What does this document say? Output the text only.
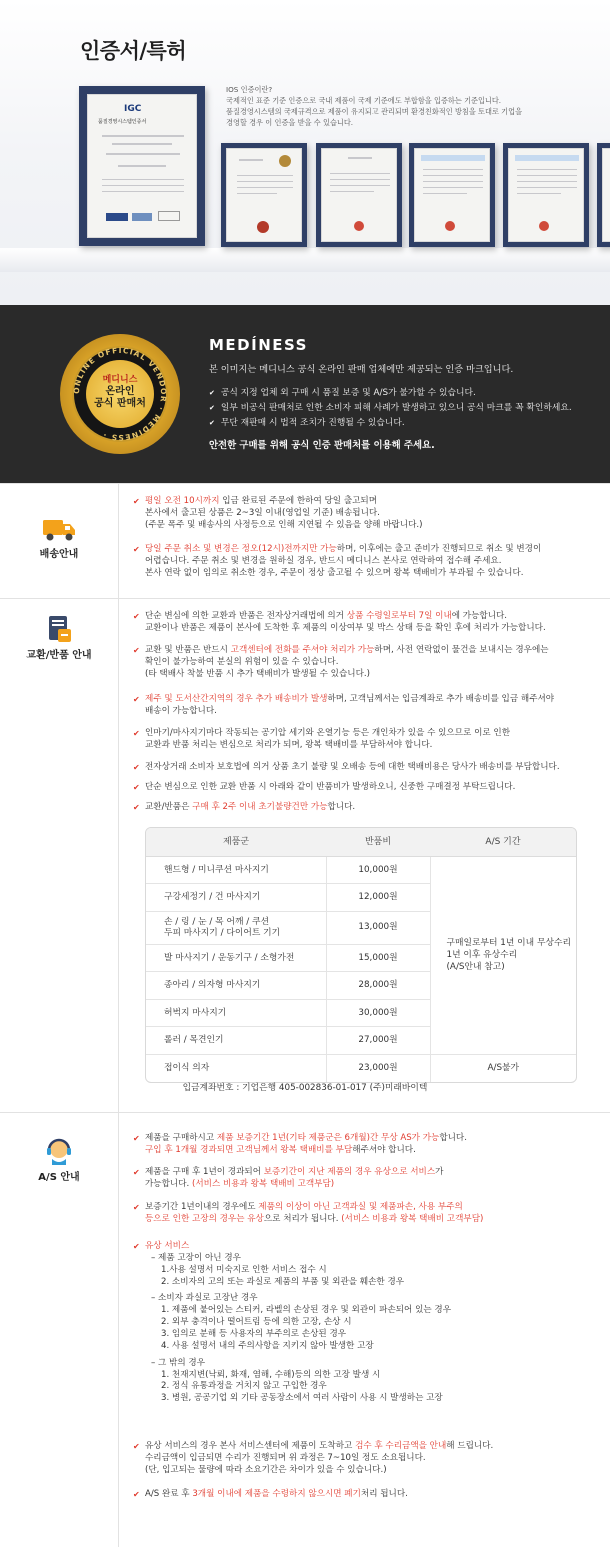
인증서/특허
IOS 인증이란?
국제적인 표준 기준 인증으로 국내 제품이 국제 기준에도 부합함을 입증하는 기준입니다.
품질경영시스템의 국제규격으로 제품이 유지되고 관리되며 환경친화적인 방침을 토대로 기업을
경영할 경우 이 인증을 받을 수 있습니다.
IGC
품질경영시스템인증서
ONLINE OFFICIAL VENDOR · MEDINESS ·
메디니스
온라인
공식 판매처
MEDÍNESS
본 이미지는 메디니스 공식 온라인 판매 업체에만 제공되는 인증 마크입니다.
✔ 공식 지정 업체 외 구매 시 품질 보증 및 A/S가 불가할 수 있습니다.
✔ 일부 비공식 판매처로 인한 소비자 피해 사례가 발생하고 있으니 공식 마크를 꼭 확인하세요.
✔ 무단 재판매 시 법적 조치가 진행될 수 있습니다.
안전한 구매를 위해 공식 인증 판매처를 이용해 주세요.
배송안내
✔ 평일 오전 10시까지 입금 완료된 주문에 한하여 당일 출고되며
본사에서 출고된 상품은 2~3일 이내(영업일 기준) 배송됩니다.
(주문 폭주 및 배송사의 사정등으로 인해 지연될 수 있음을 양해 바랍니다.)
✔ 당일 주문 취소 및 변경은 정오(12시)전까지만 가능하며, 이후에는 출고 준비가 진행되므로 취소 및 변경이
어렵습니다. 주문 취소 및 변경을 원하실 경우, 반드시 메디니스 본사로 연락하여 접수해 주세요.
본사 연락 없이 임의로 취소한 경우, 주문이 정상 출고될 수 있으며 왕복 택배비가 부과될 수 있습니다.
교환/반품 안내
✔ 단순 변심에 의한 교환과 반품은 전자상거래법에 의거 상품 수령일로부터 7일 이내에 가능합니다.
교환이나 반품은 제품이 본사에 도착한 후 제품의 이상여부 및 박스 상태 등을 확인 후에 처리가 가능합니다.
✔ 교환 및 반품은 반드시 고객센터에 전화를 주셔야 처리가 가능하며, 사전 연락없이 물건을 보내시는 경우에는
확인이 불가능하여 분실의 위험이 있을 수 있습니다.
(타 택배사 착불 반품 시 추가 택배비가 발생될 수 있습니다.)
✔ 제주 및 도서산간지역의 경우 추가 배송비가 발생하며, 고객님께서는 입금계좌로 추가 배송비를 입금 해주셔야
배송이 가능합니다.
✔ 인마기/마사지기마다 작동되는 공기압 세기와 온열기능 등은 개인차가 있을 수 있으므로 이로 인한
교환과 반품 처리는 변심으로 처리가 되며, 왕복 택배비를 부담하셔야 합니다.
✔ 전자상거래 소비자 보호법에 의거 상품 초기 불량 및 오배송 등에 대한 택배비용은 당사가 배송비를 부담합니다.
✔ 단순 변심으로 인한 교환 반품 시 아래와 같이 반품비가 발생하오니, 신중한 구매결정 부탁드립니다.
✔ 교환/반품은 구매 후 2주 이내 초기불량건만 가능합니다.
제품군	반품비	A/S 기간
핸드형 / 미니쿠션 마사지기	10,000원	구매일로부터 1년 이내 무상수리
1년 이후 유상수리
(A/S안내 참고)

구강세정기 / 건 마사지기	12,000원	
손 / 링 / 눈 / 목 어깨 / 쿠션
두피 마사지기 / 다이어트 기기	13,000원	
발 마사지기 / 운동기구 / 소형가전	15,000원	
종아리 / 의자형 마사지기	28,000원	
허벅지 마사지기	30,000원	
롤러 / 목견인기	27,000원	
접이식 의자	23,000원	A/S불가
입금계좌번호 : 기업은행 405-002836-01-017 (주)미래바이텍
A/S 안내
✔ 제품을 구매하시고 제품 보증기간 1년(기타 제품군은 6개월)간 무상 AS가 가능합니다.
구입 후 1개월 경과되면 고객님께서 왕복 택배비를 부담해주셔야 합니다.
✔ 제품을 구매 후 1년이 경과되어 보증기간이 지난 제품의 경우 유상으로 서비스가
가능합니다. (서비스 비용과 왕복 택배비 고객부담)
✔ 보증기간 1년이내의 경우에도 제품의 이상이 아닌 고객과실 및 제품파손, 사용 부주의
등으로 인한 고장의 경우는 유상으로 처리가 됩니다. (서비스 비용과 왕복 택배비 고객부담)
✔ 유상 서비스
– 제품 고장이 아닌 경우
1.사용 설명서 미숙지로 인한 서비스 접수 시
2. 소비자의 고의 또는 과실로 제품의 부품 및 외관을 훼손한 경우
– 소비자 과실로 고장난 경우
1. 제품에 붙어있는 스티커, 라벨의 손상된 경우 및 외관이 파손되어 있는 경우
2. 외부 충격이나 떨어트림 등에 의한 고장, 손상 시
3. 임의로 분해 등 사용자의 부주의로 손상된 경우
4. 사용 설명서 내의 주의사항을 지키지 않아 발생한 고장
– 그 밖의 경우
1. 천재지변(낙뢰, 화재, 염해, 수해)등의 의한 고장 발생 시
2. 정식 유통과정을 거치지 않고 구입한 경우
3. 병원, 공공기업 외 기타 공동장소에서 여러 사람이 사용 시 발생하는 고장
✔ 유상 서비스의 경우 본사 서비스센터에 제품이 도착하고 검수 후 수리금액을 안내해 드립니다.
수리금액이 입금되면 수리가 진행되며 위 과정은 7~10일 정도 소요됩니다.
(단, 입고되는 물량에 따라 소요기간은 차이가 있을 수 있습니다.)
✔ A/S 완료 후 3개월 이내에 제품을 수령하지 않으시면 폐기처리 됩니다.
